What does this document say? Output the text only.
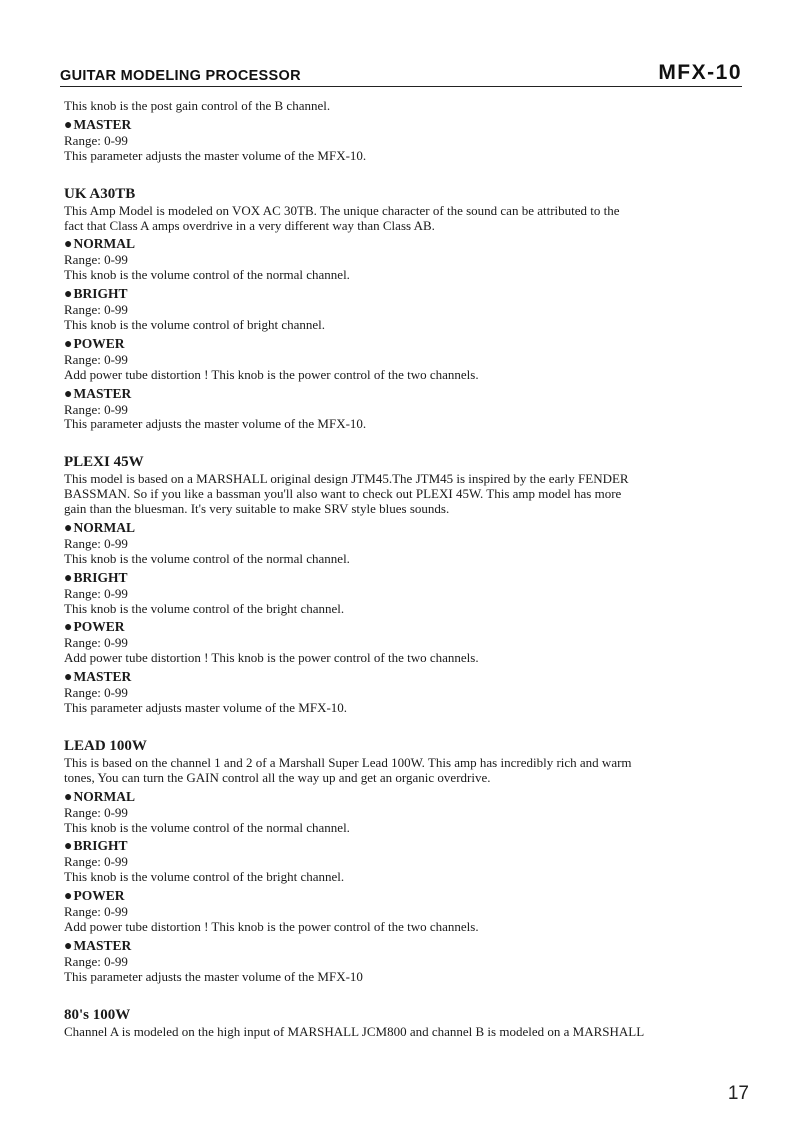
GUITAR MODELING PROCESSOR	MFX-10
This knob is the post gain control of the B channel.
●MASTER
Range: 0-99
This parameter adjusts the master volume of the MFX-10.
UK A30TB
This Amp Model is modeled on VOX AC 30TB. The unique character of the sound can be attributed to the
fact that Class A amps overdrive in a very different way than Class AB.
●NORMAL
Range: 0-99
This knob is the volume control of the normal channel.
●BRIGHT
Range: 0-99
This knob is the volume control of bright channel.
●POWER
Range: 0-99
Add power tube distortion ! This knob is the power control of the two channels.
●MASTER
Range: 0-99
This parameter adjusts the master volume of the MFX-10.
PLEXI 45W
This model is based on a MARSHALL original design JTM45.The JTM45 is inspired by the early FENDER
BASSMAN. So if you like a bassman you'll also want to check out PLEXI 45W. This amp model has more
gain than the bluesman. It's very suitable to make SRV style blues sounds.
●NORMAL
Range: 0-99
This knob is the volume control of the normal channel.
●BRIGHT
Range: 0-99
This knob is the volume control of the bright channel.
●POWER
Range: 0-99
Add power tube distortion ! This knob is the power control of the two channels.
●MASTER
Range: 0-99
This parameter adjusts master volume of the MFX-10.
LEAD 100W
This is based on the channel 1 and 2 of a Marshall Super Lead 100W. This amp has incredibly rich and warm
tones, You can turn the GAIN control all the way up and get an organic overdrive.
●NORMAL
Range: 0-99
This knob is the volume control of the normal channel.
●BRIGHT
Range: 0-99
This knob is the volume control of the bright channel.
●POWER
Range: 0-99
Add power tube distortion ! This knob is the power control of the two channels.
●MASTER
Range: 0-99
This parameter adjusts the master volume of the MFX-10
80's 100W
Channel A is modeled on the high input of MARSHALL JCM800 and channel B is modeled on a MARSHALL
17
